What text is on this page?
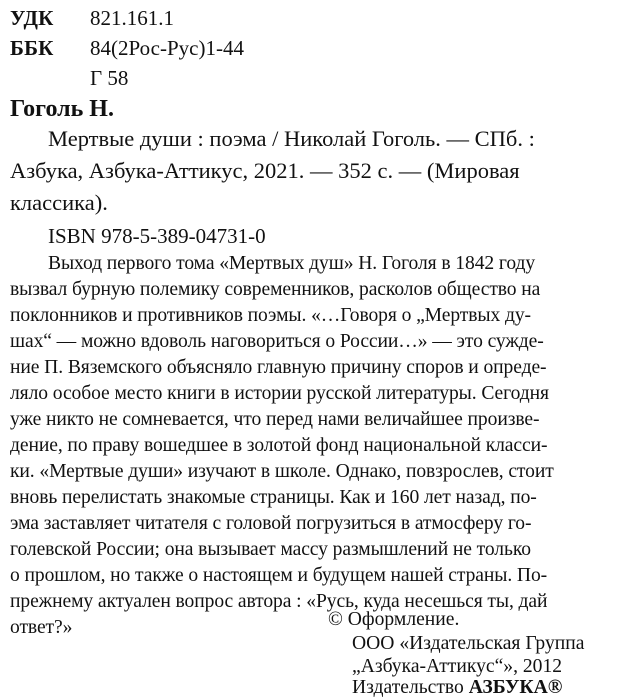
УДК 821.161.1
ББК 84(2Рос-Рус)1-44
Г 58
Гоголь Н.
Мертвые души : поэма / Николай Гоголь. — СПб. :
Азбука, Азбука-Аттикус, 2021. — 352 с. — (Мировая
классика).
ISBN 978-5-389-04731-0
Выход первого тома «Мертвых душ» Н. Гоголя в 1842 году
вызвал бурную полемику современников, расколов общество на
поклонников и противников поэмы. «…Говоря о „Мертвых ду-
шах“ — можно вдоволь наговориться о России…» — это сужде-
ние П. Вяземского объясняло главную причину споров и опреде-
ляло особое место книги в истории русской литературы. Сегодня
уже никто не сомневается, что перед нами величайшее произве-
дение, по праву вошедшее в золотой фонд национальной класси-
ки. «Мертвые души» изучают в школе. Однако, повзрослев, стоит
вновь перелистать знакомые страницы. Как и 160 лет назад, по-
эма заставляет читателя с головой погрузиться в атмосферу го-
голевской России; она вызывает массу размышлений не только
о прошлом, но также о настоящем и будущем нашей страны. По-
прежнему актуален вопрос автора : «Русь, куда несешься ты, дай
ответ?»	© Оформление.
ООО «Издательская Группа
„Азбука-Аттикус“», 2012
Издательство АЗБУКА®
